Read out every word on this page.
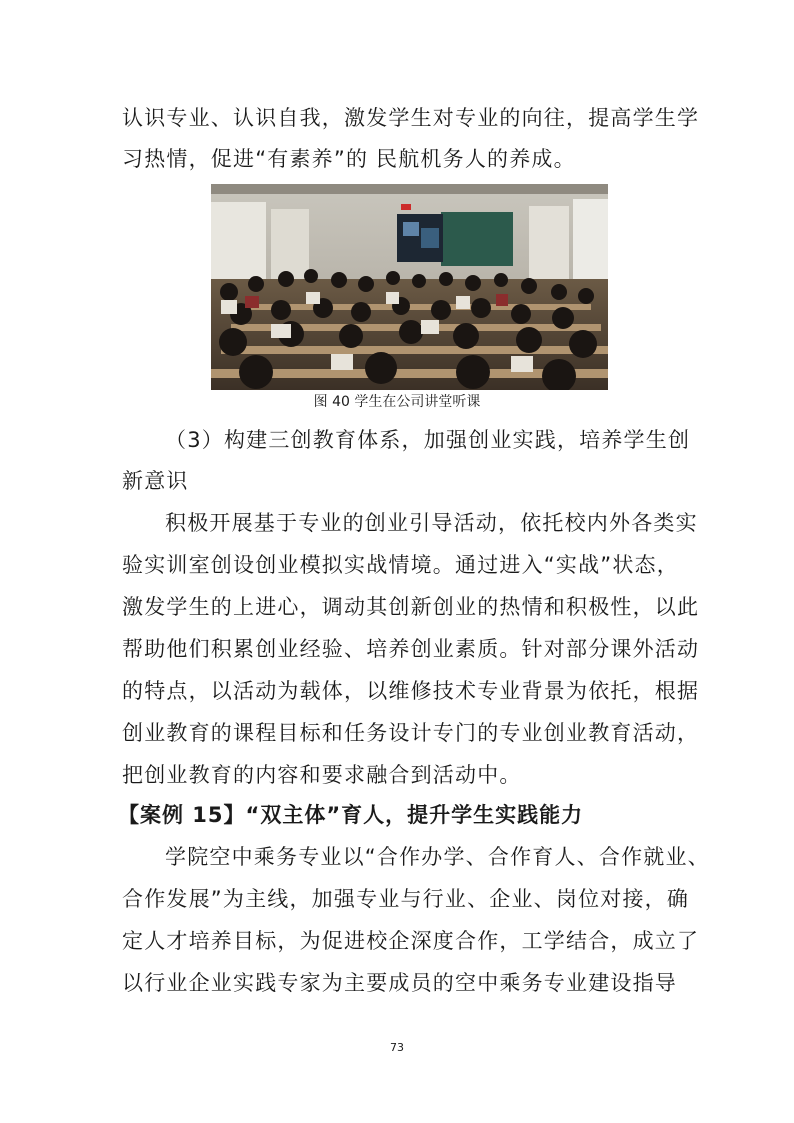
认识专业、认识自我，激发学生对专业的向往，提高学生学
习热情，促进“有素养”的 民航机务人的养成。
图 40 学生在公司讲堂听课
（3）构建三创教育体系，加强创业实践，培养学生创
新意识
积极开展基于专业的创业引导活动，依托校内外各类实
验实训室创设创业模拟实战情境。通过进入“实战”状态，
激发学生的上进心，调动其创新创业的热情和积极性，以此
帮助他们积累创业经验、培养创业素质。针对部分课外活动
的特点，以活动为载体，以维修技术专业背景为依托，根据
创业教育的课程目标和任务设计专门的专业创业教育活动，
把创业教育的内容和要求融合到活动中。
【案例 15】“双主体”育人，提升学生实践能力
学院空中乘务专业以“合作办学、合作育人、合作就业、
合作发展”为主线，加强专业与行业、企业、岗位对接，确
定人才培养目标，为促进校企深度合作，工学结合，成立了
以行业企业实践专家为主要成员的空中乘务专业建设指导
73
